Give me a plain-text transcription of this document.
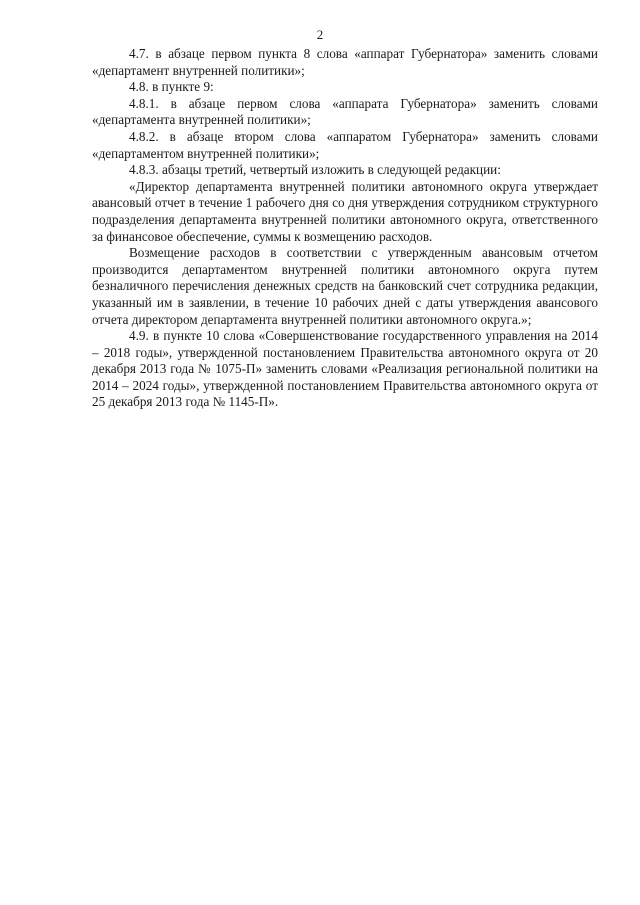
2

4.7. в абзаце первом пункта 8 слова «аппарат Губернатора» заменить словами «департамент внутренней политики»;

4.8. в пункте 9:

4.8.1. в абзаце первом слова «аппарата Губернатора» заменить словами «департамента внутренней политики»;

4.8.2. в абзаце втором слова «аппаратом Губернатора» заменить словами «департаментом внутренней политики»;

4.8.3. абзацы третий, четвертый изложить в следующей редакции:

«Директор департамента внутренней политики автономного округа утверждает авансовый отчет в течение 1 рабочего дня со дня утверждения сотрудником структурного подразделения департамента внутренней политики автономного округа, ответственного за финансовое обеспечение, суммы к возмещению расходов.

Возмещение расходов в соответствии с утвержденным авансовым отчетом производится департаментом внутренней политики автономного округа путем безналичного перечисления денежных средств на банковский счет сотрудника редакции, указанный им в заявлении, в течение 10 рабочих дней с даты утверждения авансового отчета директором департамента внутренней политики автономного округа.»;

4.9. в пункте 10 слова «Совершенствование государственного управления на 2014 – 2018 годы», утвержденной постановлением Правительства автономного округа от 20 декабря 2013 года № 1075-П» заменить словами «Реализация региональной политики на 2014 – 2024 годы», утвержденной постановлением Правительства автономного округа от 25 декабря 2013 года № 1145-П».
